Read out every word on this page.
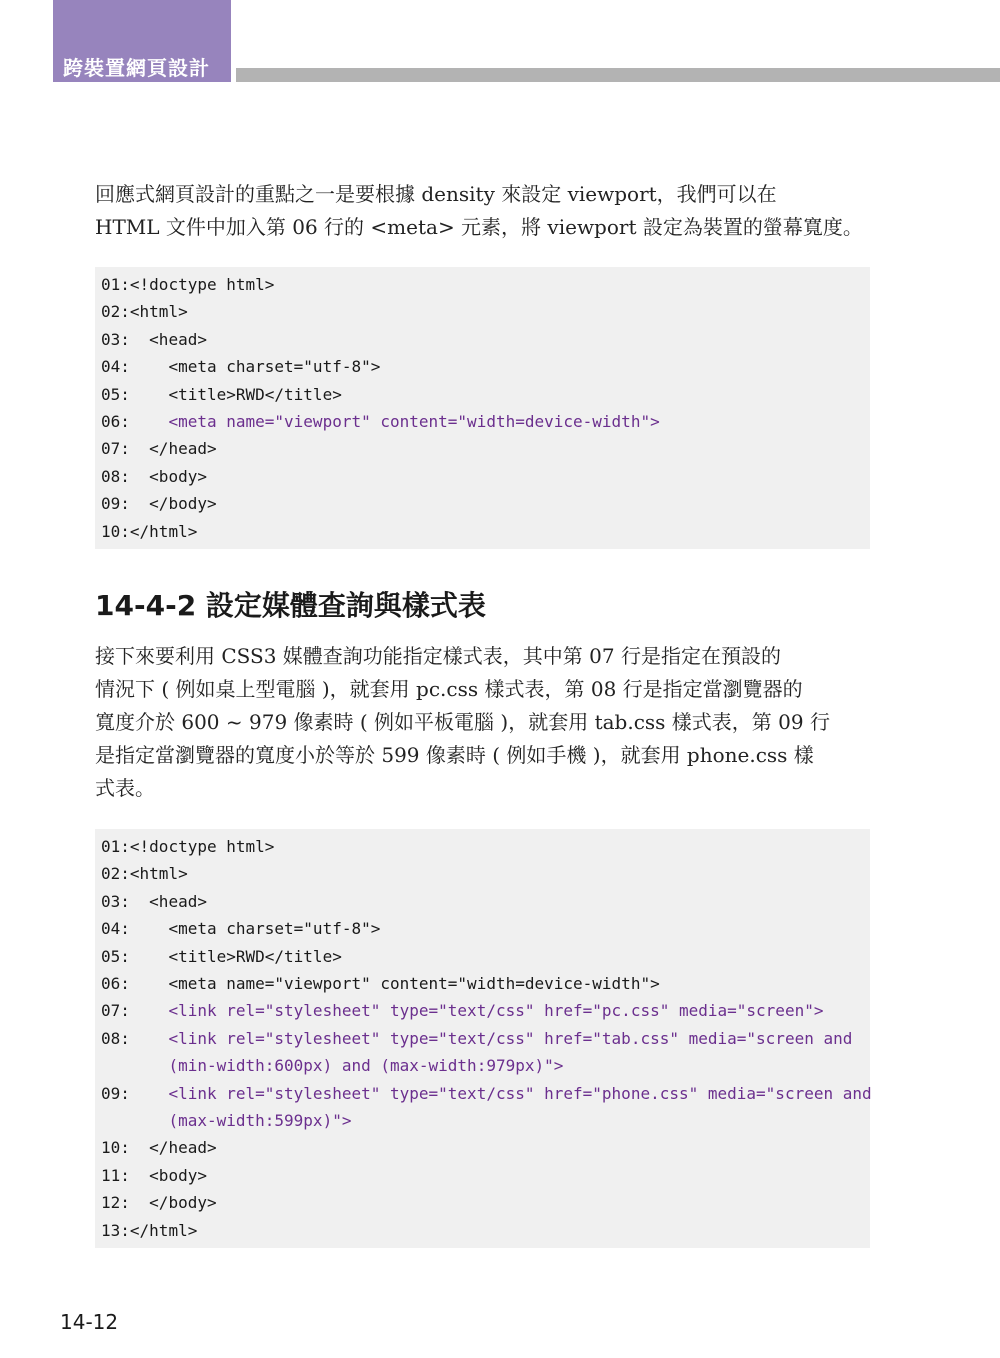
跨裝置網頁設計
回應式網頁設計的重點之一是要根據 density 來設定 viewport，我們可以在
HTML 文件中加入第 06 行的 <meta> 元素，將 viewport 設定為裝置的螢幕寬度。
01:<!doctype html>
02:<html>
03:  <head>
04:    <meta charset="utf-8">
05:    <title>RWD</title>
06:    <meta name="viewport" content="width=device-width">
07:  </head>
08:  <body>
09:  </body>
10:</html>
14-4-2 設定媒體查詢與樣式表
接下來要利用 CSS3 媒體查詢功能指定樣式表，其中第 07 行是指定在預設的
情況下 ( 例如桌上型電腦 )，就套用 pc.css 樣式表，第 08 行是指定當瀏覽器的
寬度介於 600 ~ 979 像素時 ( 例如平板電腦 )，就套用 tab.css 樣式表，第 09 行
是指定當瀏覽器的寬度小於等於 599 像素時 ( 例如手機 )，就套用 phone.css 樣
式表。
01:<!doctype html>
02:<html>
03:  <head>
04:    <meta charset="utf-8">
05:    <title>RWD</title>
06:    <meta name="viewport" content="width=device-width">
07:    <link rel="stylesheet" type="text/css" href="pc.css" media="screen">
08:    <link rel="stylesheet" type="text/css" href="tab.css" media="screen and
(min-width:600px) and (max-width:979px)">
09:    <link rel="stylesheet" type="text/css" href="phone.css" media="screen and
(max-width:599px)">
10:  </head>
11:  <body>
12:  </body>
13:</html>
14-12
